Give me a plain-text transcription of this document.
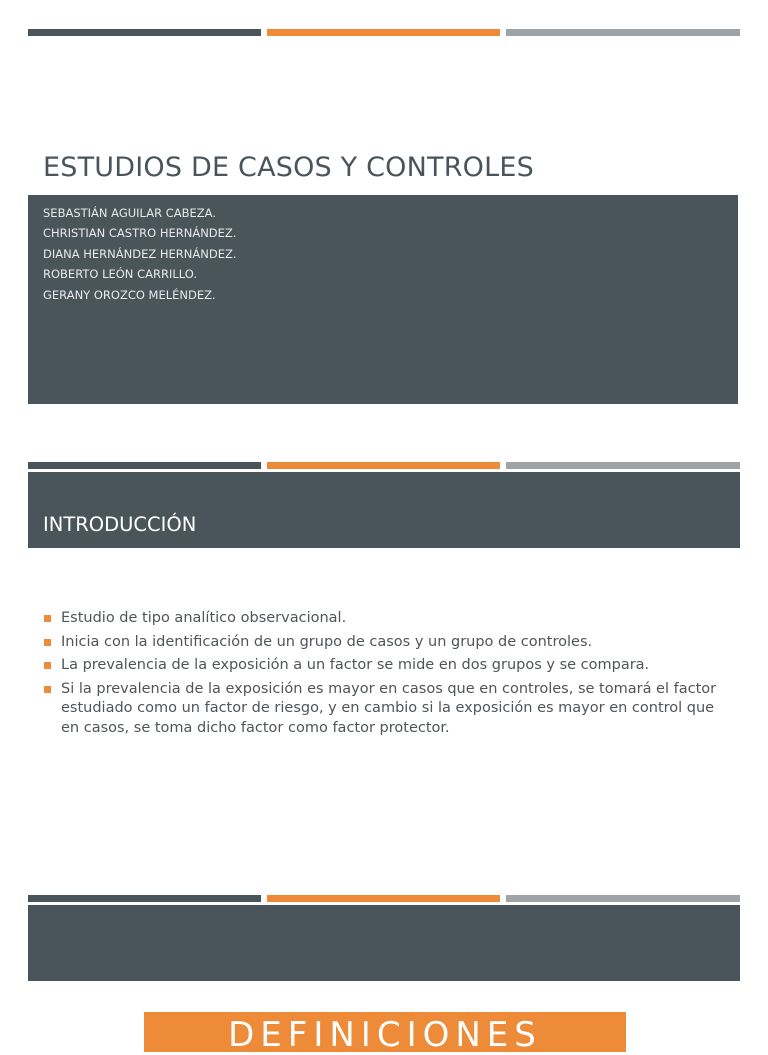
ESTUDIOS DE CASOS Y CONTROLES
SEBASTIÁN AGUILAR CABEZA.
CHRISTIAN CASTRO HERNÁNDEZ.
DIANA HERNÁNDEZ HERNÁNDEZ.
ROBERTO LEÓN CARRILLO.
GERANY OROZCO MELÉNDEZ.
INTRODUCCIÓN
Estudio de tipo analítico observacional.
Inicia con la identificación de un grupo de casos y un grupo de controles.
La prevalencia de la exposición a un factor se mide en dos grupos y se compara.
Si la prevalencia de la exposición es mayor en casos que en controles, se tomará el factor estudiado como un factor de riesgo, y en cambio si la exposición es mayor en control que en casos, se toma dicho factor como factor protector.
DEFINICIONES
